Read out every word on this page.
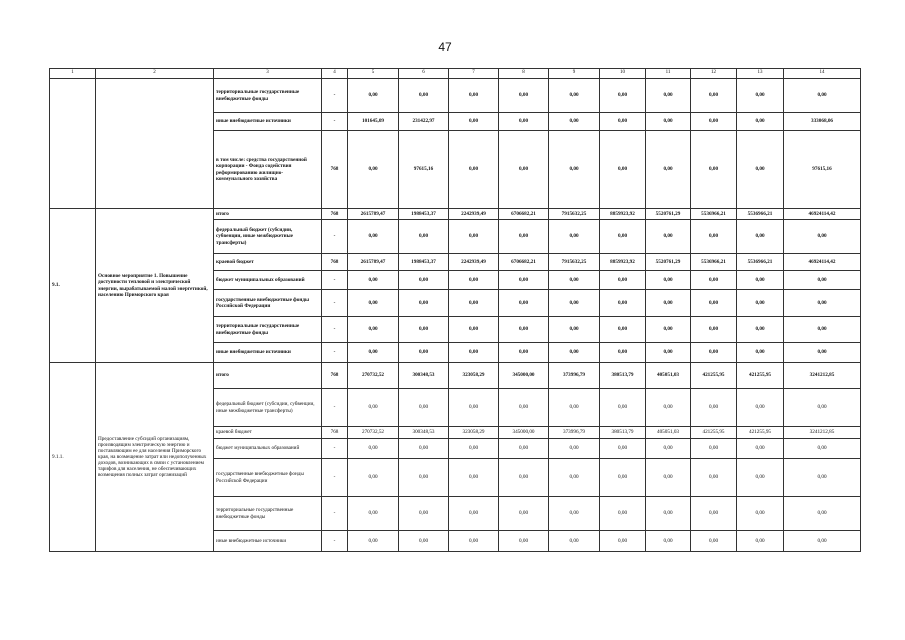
47
1	2	3	4	5	6	7	8	9	10	11	12	13	14
		территориальные государственные внебюджетные фонды	-	0,00	0,00	0,00	0,00	0,00	0,00	0,00	0,00	0,00	0,00
		иные внебюджетные источники	-	101645,09	231422,97	0,00	0,00	0,00	0,00	0,00	0,00	0,00	333068,06
		в том числе: средства государственной корпорации - Фонда содействия реформированию жилищно-коммунального хозяйства	768	0,00	97615,16	0,00	0,00	0,00	0,00	0,00	0,00	0,00	97615,16
9.1.	Основное мероприятие 1. Повышение доступности тепловой и электрической энергии, вырабатываемой малой энергетикой, населению Приморского края	итого	768	2615789,47	1988453,37	2242939,49	6706682,21	7915632,25	8859923,92	5520761,29	5536966,21	5536966,21	46924114,42
		федеральный бюджет (субсидии, субвенции, иные межбюджетные трансферты)	-	0,00	0,00	0,00	0,00	0,00	0,00	0,00	0,00	0,00	0,00
		краевой бюджет	768	2615789,47	1988453,37	2242939,49	6706682,21	7915632,25	8859923,92	5520761,29	5536966,21	5536966,21	46924114,42
		бюджет муниципальных образований	-	0,00	0,00	0,00	0,00	0,00	0,00	0,00	0,00	0,00	0,00
		государственные внебюджетные фонды Российской Федерации	-	0,00	0,00	0,00	0,00	0,00	0,00	0,00	0,00	0,00	0,00
		территориальные государственные внебюджетные фонды	-	0,00	0,00	0,00	0,00	0,00	0,00	0,00	0,00	0,00	0,00
		иные внебюджетные источники	-	0,00	0,00	0,00	0,00	0,00	0,00	0,00	0,00	0,00	0,00
9.1.1.	Предоставление субсидий организациям, производящим электрическую энергию и поставляющим ее для населения Приморского края, на возмещение затрат или недополученных доходов, возникающих в связи с установлением тарифов для населения, не обеспечивающих возмещения полных затрат организаций	итого	768	270732,52	300348,53	323058,29	345000,00	373996,79	380513,79	405051,03	421255,95	421255,95	3241212,85
		федеральный бюджет (субсидии, субвенции, иные межбюджетные трансферты)	-	0,00	0,00	0,00	0,00	0,00	0,00	0,00	0,00	0,00	0,00
		краевой бюджет	768	270732,52	300348,53	323058,29	345000,00	373996,79	380513,79	405051,03	421255,95	421255,95	3241212,85
		бюджет муниципальных образований	-	0,00	0,00	0,00	0,00	0,00	0,00	0,00	0,00	0,00	0,00
		государственные внебюджетные фонды Российской Федерации	-	0,00	0,00	0,00	0,00	0,00	0,00	0,00	0,00	0,00	0,00
		территориальные государственные внебюджетные фонды	-	0,00	0,00	0,00	0,00	0,00	0,00	0,00	0,00	0,00	0,00
		иные внебюджетные источники	-	0,00	0,00	0,00	0,00	0,00	0,00	0,00	0,00	0,00	0,00
